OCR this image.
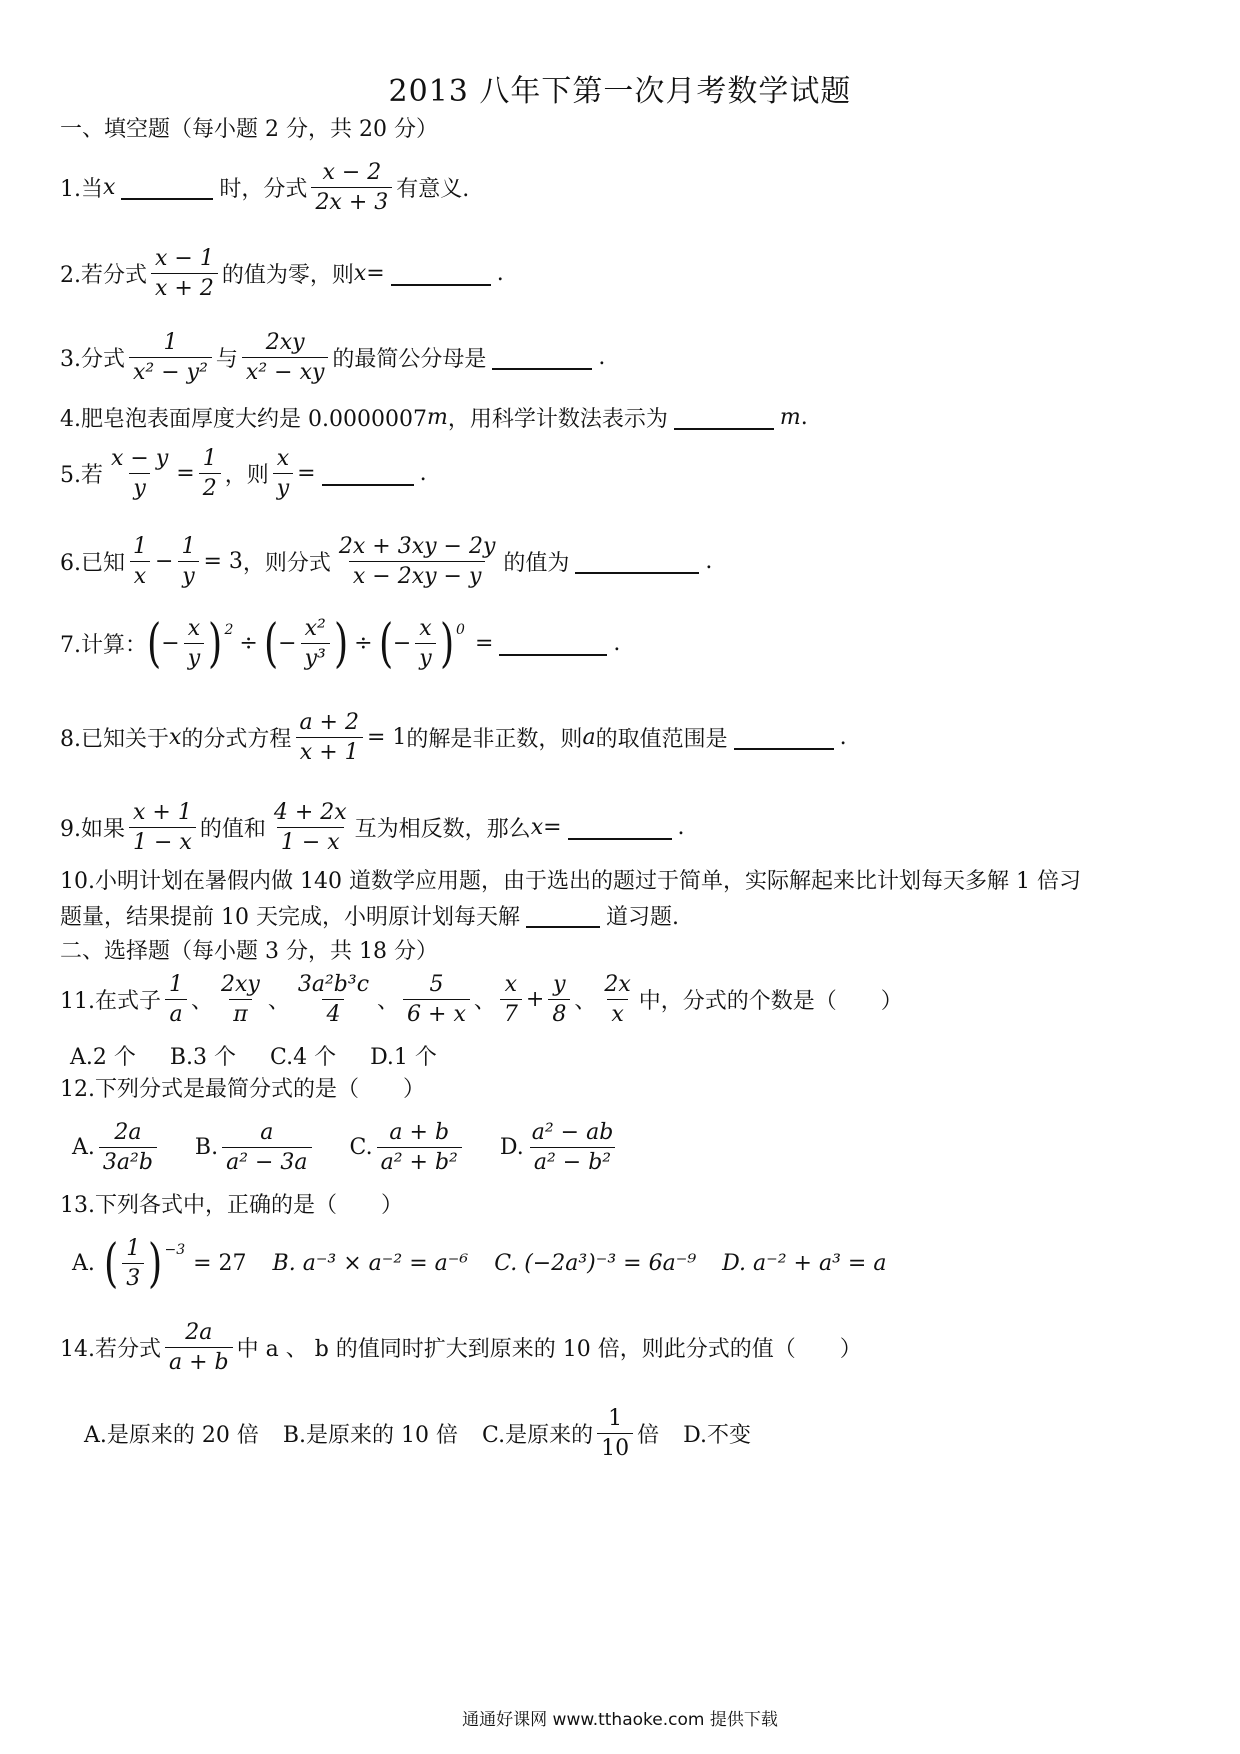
2013 八年下第一次月考数学试题
一、填空题（每小题 2 分，共 20 分）
1.当 x	时，分式 $\frac{x - 2}{2x + 3}$ 有意义.
2.若分式 $\frac{x - 1}{x + 2}$ 的值为零，则 x =	.
3.分式 $\frac{1}{\text{x² − y²}}$ 与 $\frac{2xy}{\text{x² − xy}}$ 的最简公分母是	.
4.肥皂泡表面厚度大约是 0.0000007 m ，用科学计数法表示为	m .
5.若 $\frac{x - y}{y} = \frac{1}{2}$ ，则 $\frac{x}{y}$ =	.
6.已知 $\frac{1}{x} - \frac{1}{y} = 3$ ，则分式 $\frac{2x + 3xy - 2y}{x - 2xy - y}$ 的值为	.
7.计算： ( − $\frac{x}{y}$ ) 2
÷ ( − $\frac{\text{x²}}{\text{y³}}$ ) ÷ ( − $\frac{x}{y}$ ) 0
=	.
8.已知关于 x 的分式方程 $\frac{a + 2}{x + 1} = 1$ 的解是非正数，则 a 的取值范围是	.
9.如果 $\frac{x + 1}{1 - x}$ 的值和 $\frac{4 + 2x}{1 - x}$ 互为相反数，那么 x =	.
10.小明计划在暑假内做 140 道数学应用题，由于选出的题过于简单，实际解起来比计划每天多解 1 倍习
题量，结果提前 10 天完成，小明原计划每天解	道习题.
二、选择题（每小题 3 分，共 18 分）
11.在式子 $\frac{1}{a}$ 、 $\frac{2xy}{\pi}$ 、 $\frac{\text{3a²b³c}}{4}$ 、 $\frac{5}{6 + x}$ 、 $\frac{x}{7} + \frac{y}{8}$ 、 $\frac{2x}{x}$ 中，分式的个数是（　　）
A.2 个 B.3 个 C.4 个 D.1 个
12.下列分式是最简分式的是（　　）
A. $\frac{2a}{\text{3a²b}} B$. $\frac{a}{\text{a² − 3a}} C$. $\frac{a + b}{\text{a² + b²}} D$. $\frac{\text{a² − ab}}{\text{a² − b²}}$
13.下列各式中，正确的是（　　）
A. ( $\frac{1}{3}$ ) −3
= 27 B. a⁻³ × a⁻² = a⁻⁶ C. (−2a³)⁻³ = 6a⁻⁹ D. a⁻² + a³ = a
14.若分式 $\frac{2a}{a + b}$ 中 a 、 b 的值同时扩大到原来的 10 倍，则此分式的值（　　）
A.是原来的 20 倍 B.是原来的 10 倍 C.是原来的 $\frac{1}{10}$ 倍 D.不变
通通好课网 www.tthaoke.com 提供下载
